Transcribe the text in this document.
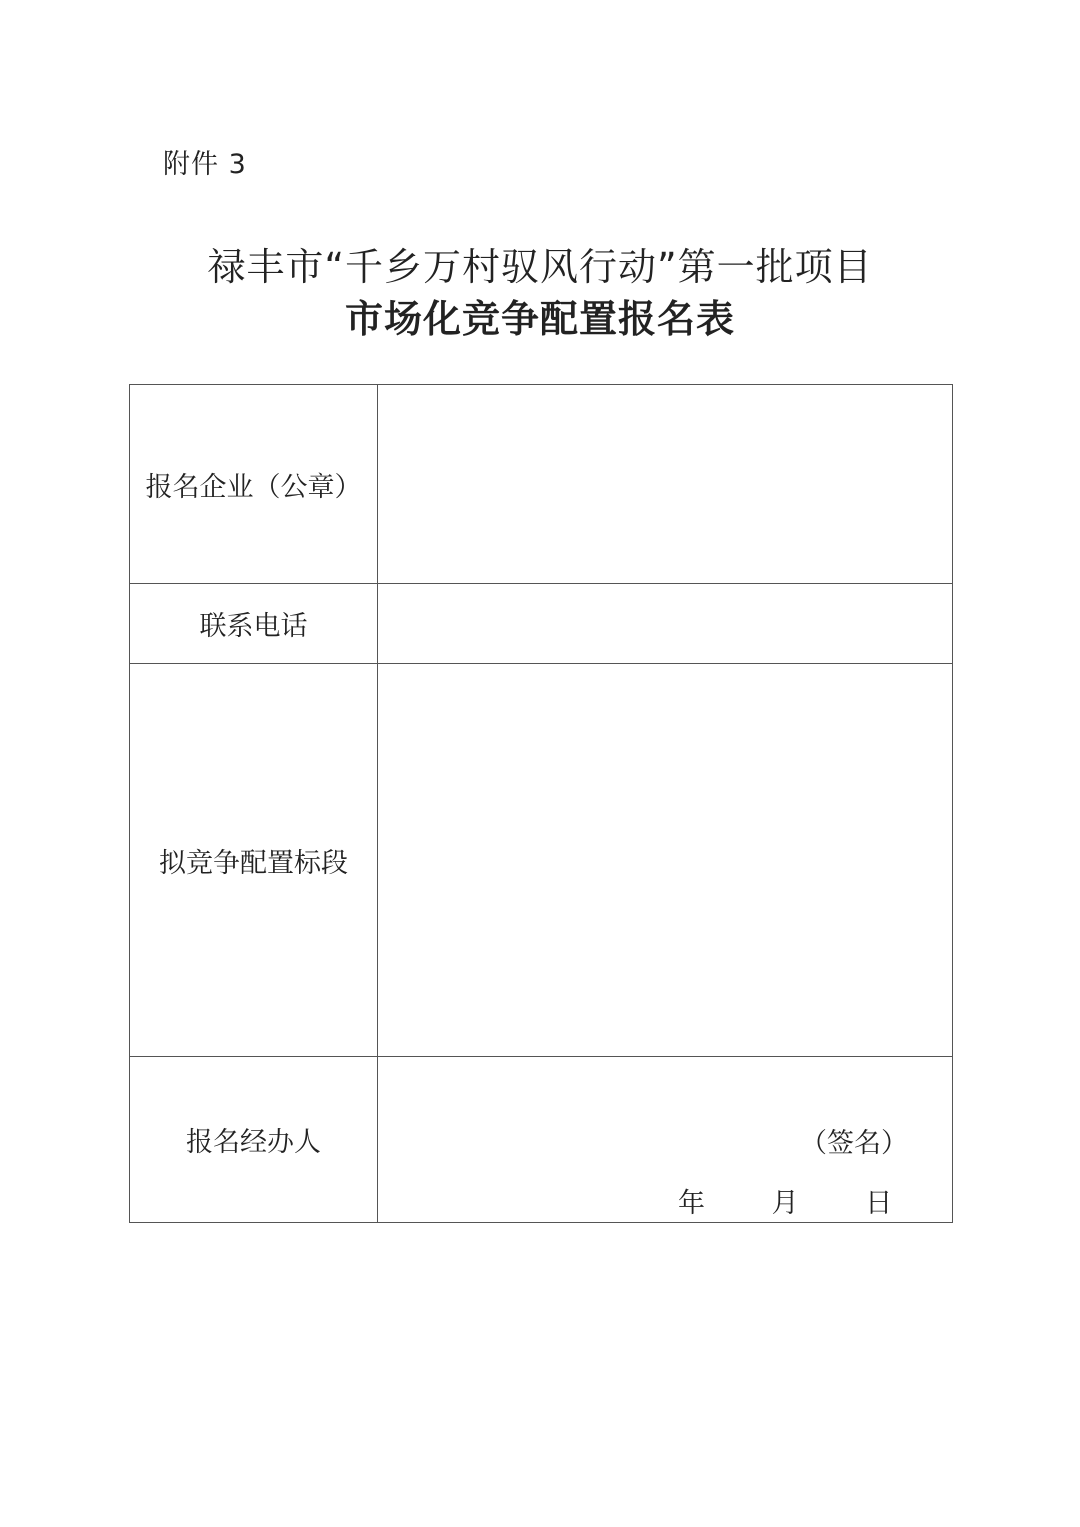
附件 3
禄丰市“千乡万村驭风行动”第一批项目
市场化竞争配置报名表
报名企业（公章）	
联系电话	
拟竞争配置标段	
报名经办人	（签名）
年 月 日
